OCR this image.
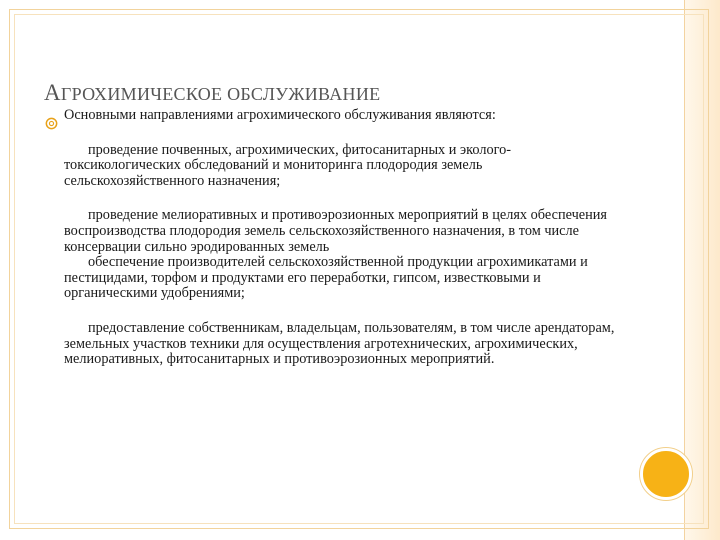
АГРОХИМИЧЕСКОЕ ОБСЛУЖИВАНИЕ

Основными направлениями агрохимического обслуживания являются:

проведение почвенных, агрохимических, фитосанитарных и эколого-токсикологических обследований и мониторинга плодородия земель сельскохозяйственного назначения;

проведение мелиоративных и противоэрозионных мероприятий в целях обеспечения воспроизводства плодородия земель сельскохозяйственного назначения, в том числе консервации сильно эродированных земель

обеспечение производителей сельскохозяйственной продукции агрохимикатами и пестицидами, торфом и продуктами его переработки, гипсом, известковыми и органическими удобрениями;

предоставление собственникам, владельцам, пользователям, в том числе арендаторам, земельных участков техники для осуществления агротехнических, агрохимических, мелиоративных, фитосанитарных и противоэрозионных мероприятий.
